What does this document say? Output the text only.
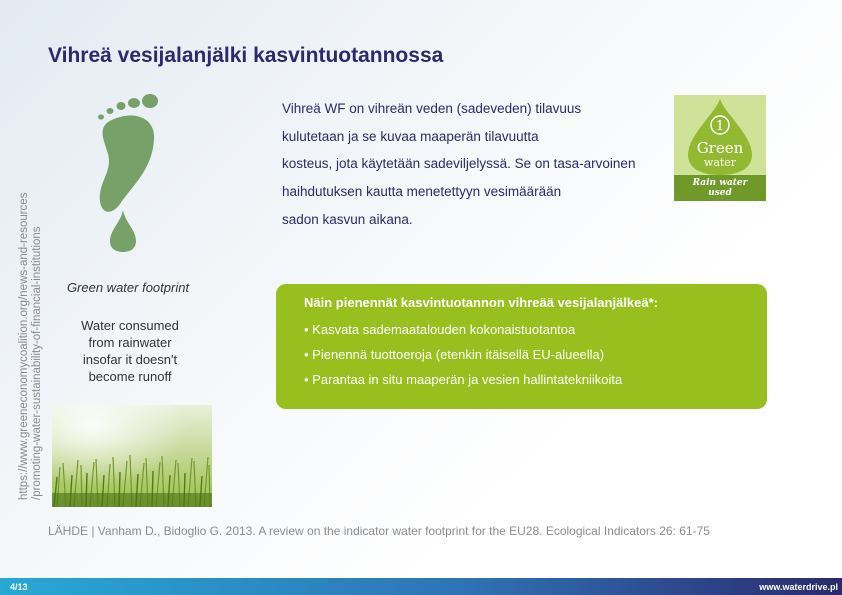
Vihreä vesijalanjälki kasvintuotannossa
https://www.greeneconomycoalition.org/news-and-resources /promoting-water-sustainability-of-financial-institutions	Green water footprint
Water consumed
from rainwater
insofar it doesn't
become runoff
Vihreä WF on vihreän veden (sadeveden) tilavuus
kulutetaan ja se kuvaa maaperän tilavuutta
kosteus, jota käytetään sadeviljelyssä. Se on tasa-arvoinen
haihdutuksen kautta menetettyyn vesimäärään
sadon kasvun aikana.
1
Green
water
Rain water
used
Näin pienennät kasvintuotannon vihreää vesijalanjälkeä*:
• Kasvata sademaatalouden kokonaistuotantoa
• Pienennä tuottoeroja (etenkin itäisellä EU-alueella)
• Parantaa in situ maaperän ja vesien hallintatekniikoita
LÄHDE | Vanham D., Bidoglio G. 2013. A review on the indicator water footprint for the EU28. Ecological Indicators 26: 61-75
4/13	www.waterdrive.pl
